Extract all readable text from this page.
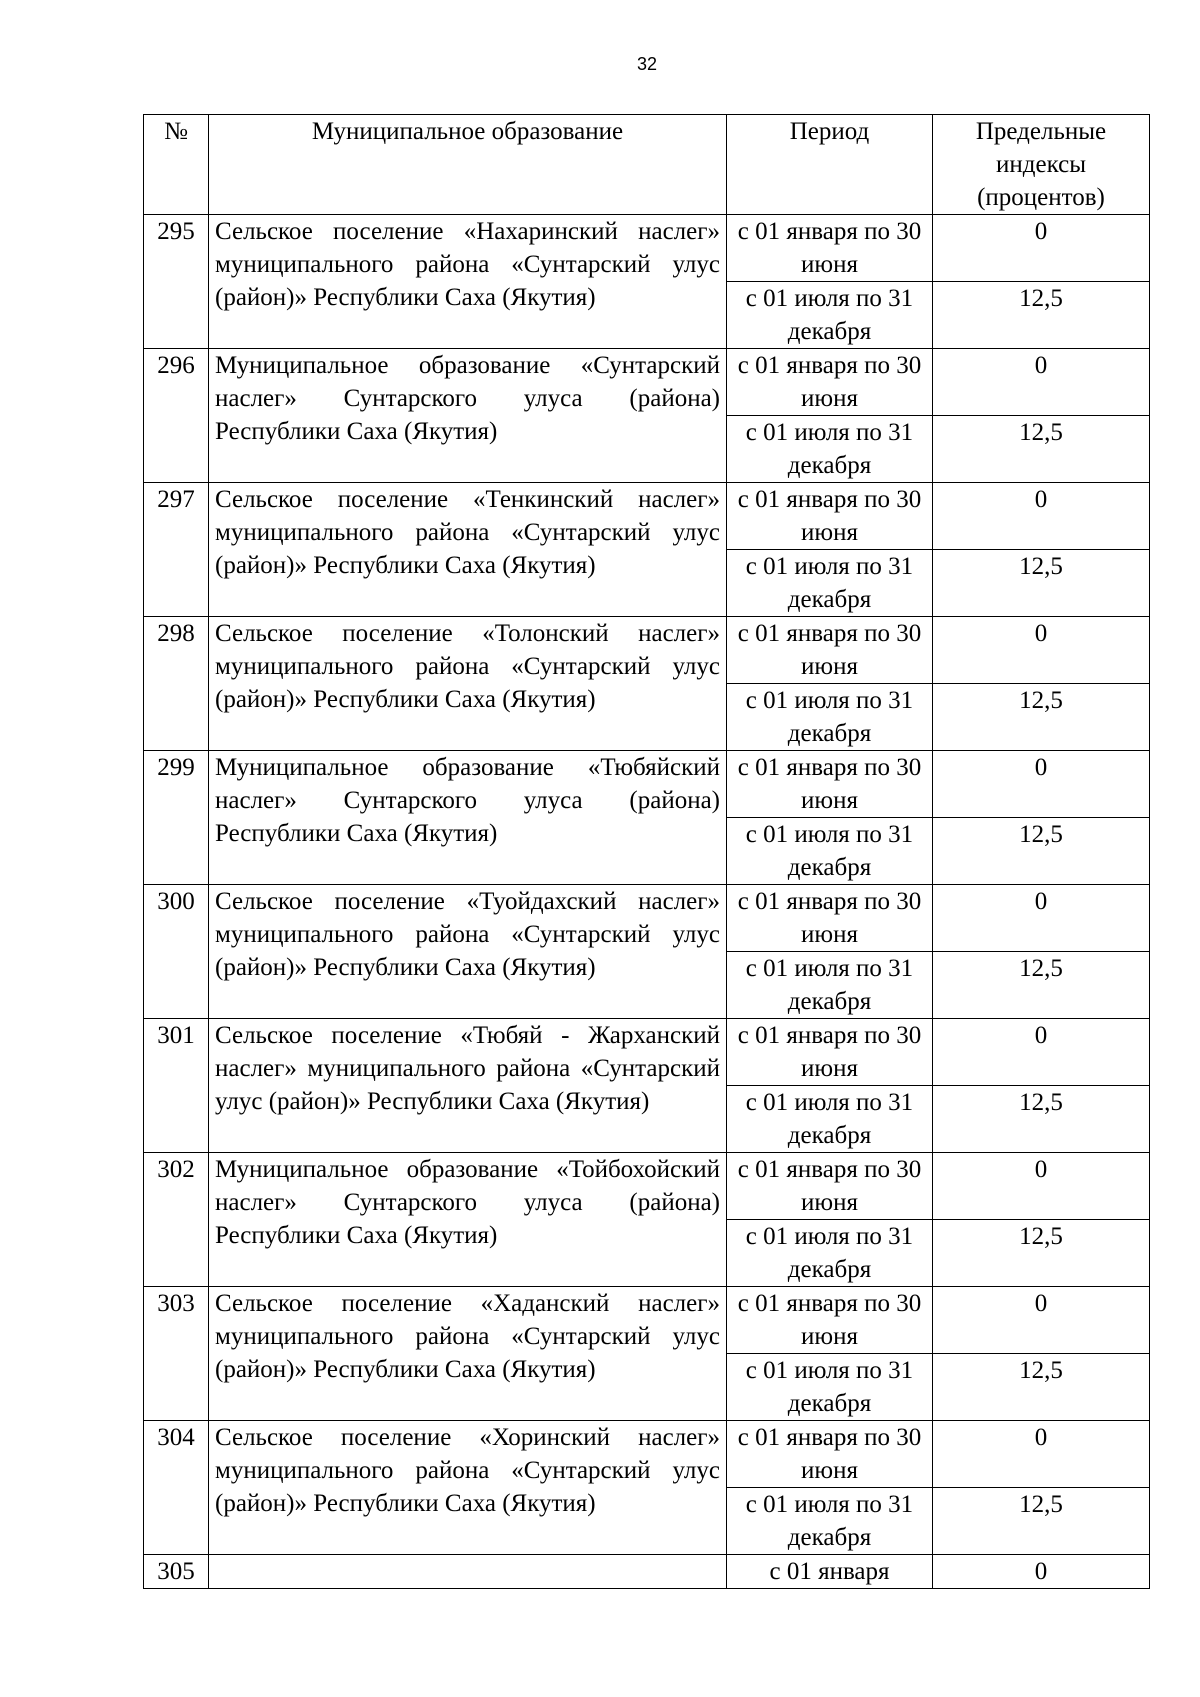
32
№	Муниципальное образование	Период	Предельные индексы (процентов)
295	Сельское поселение «Нахаринский наслег» муниципального района «Сунтарский улус (район)» Республики Саха (Якутия)	с 01 января по 30 июня	0
		с 01 июля по 31 декабря	12,5
296	Муниципальное образование «Сунтарский наслег» Сунтарского улуса (района) Республики Саха (Якутия)	с 01 января по 30 июня	0
		с 01 июля по 31 декабря	12,5
297	Сельское поселение «Тенкинский наслег» муниципального района «Сунтарский улус (район)» Республики Саха (Якутия)	с 01 января по 30 июня	0
		с 01 июля по 31 декабря	12,5
298	Сельское поселение «Толонский наслег» муниципального района «Сунтарский улус (район)» Республики Саха (Якутия)	с 01 января по 30 июня	0
		с 01 июля по 31 декабря	12,5
299	Муниципальное образование «Тюбяйский наслег» Сунтарского улуса (района) Республики Саха (Якутия)	с 01 января по 30 июня	0
		с 01 июля по 31 декабря	12,5
300	Сельское поселение «Туойдахский наслег» муниципального района «Сунтарский улус (район)» Республики Саха (Якутия)	с 01 января по 30 июня	0
		с 01 июля по 31 декабря	12,5
301	Сельское поселение «Тюбяй - Жарханский наслег» муниципального района «Сунтарский улус (район)» Республики Саха (Якутия)	с 01 января по 30 июня	0
		с 01 июля по 31 декабря	12,5
302	Муниципальное образование «Тойбохойский наслег» Сунтарского улуса (района) Республики Саха (Якутия)	с 01 января по 30 июня	0
		с 01 июля по 31 декабря	12,5
303	Сельское поселение «Хаданский наслег» муниципального района «Сунтарский улус (район)» Республики Саха (Якутия)	с 01 января по 30 июня	0
		с 01 июля по 31 декабря	12,5
304	Сельское поселение «Хоринский наслег» муниципального района «Сунтарский улус (район)» Республики Саха (Якутия)	с 01 января по 30 июня	0
		с 01 июля по 31 декабря	12,5
305		с 01 января	0
